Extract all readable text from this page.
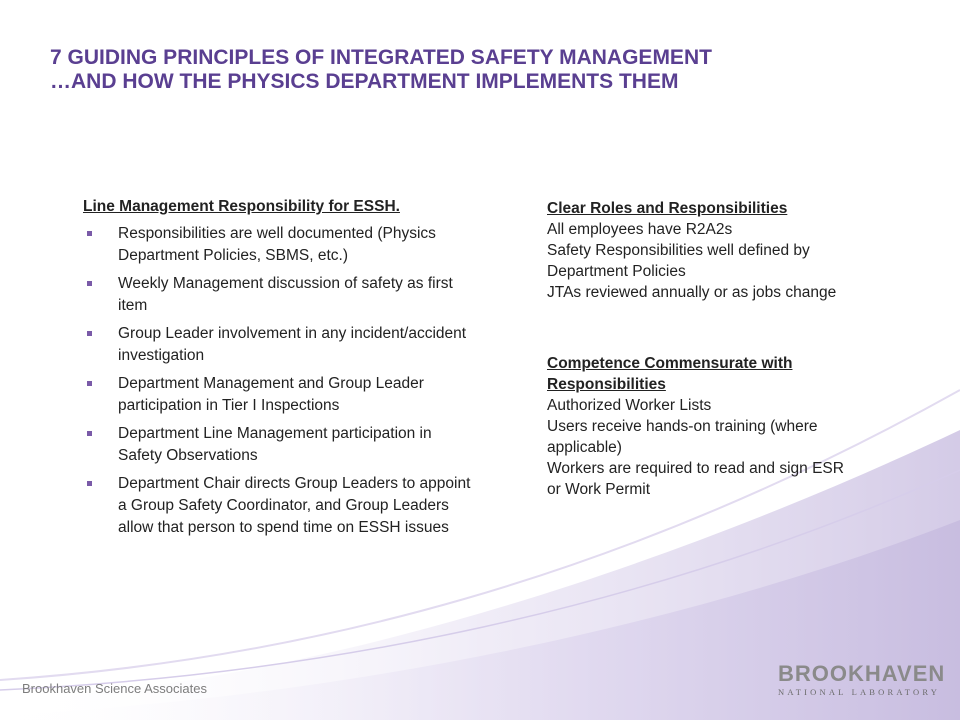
7 GUIDING PRINCIPLES OF INTEGRATED SAFETY MANAGEMENT
…AND HOW THE PHYSICS DEPARTMENT IMPLEMENTS THEM
Line Management Responsibility for ESSH.
Responsibilities are well documented (Physics Department Policies, SBMS, etc.)
Weekly Management discussion of safety as first item
Group Leader involvement in any incident/accident investigation
Department Management and Group Leader participation in Tier I Inspections
Department Line Management participation in Safety Observations
Department Chair directs Group Leaders to appoint a Group Safety Coordinator, and Group Leaders allow that person to spend time on ESSH issues
Clear Roles and Responsibilities
All employees have R2A2s
Safety Responsibilities well defined by Department Policies
JTAs reviewed annually or as jobs change
Competence Commensurate with Responsibilities
Authorized Worker Lists
Users receive hands-on training (where applicable)
Workers are required to read and sign ESR or Work Permit
Brookhaven Science Associates
BROOKHAVEN
NATIONAL LABORATORY
